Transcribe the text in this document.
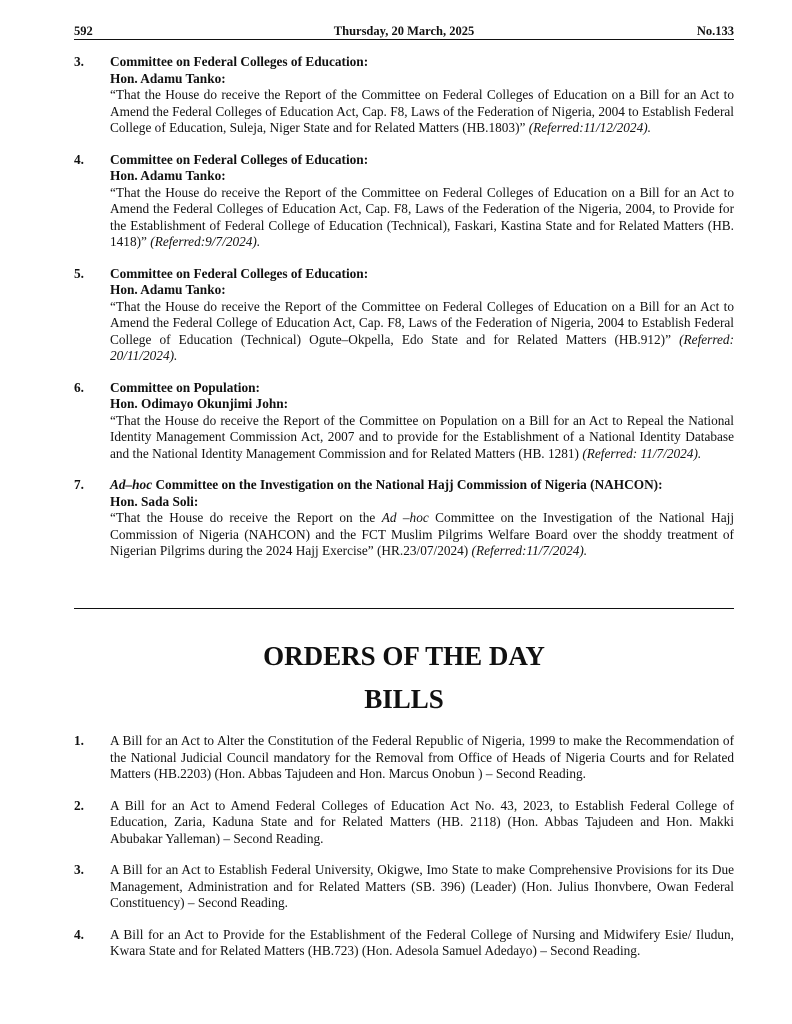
592	Thursday, 20 March, 2025	No.133
3. Committee on Federal Colleges of Education:
Hon. Adamu Tanko:
“That the House do receive the Report of the Committee on Federal Colleges of Education on a Bill for an Act to Amend the Federal Colleges of Education Act, Cap. F8, Laws of the Federation of Nigeria, 2004 to Establish Federal College of Education, Suleja, Niger State and for Related Matters (HB.1803)” (Referred:11/12/2024).
4. Committee on Federal Colleges of Education:
Hon. Adamu Tanko:
“That the House do receive the Report of the Committee on Federal Colleges of Education on a Bill for an Act to Amend the Federal Colleges of Education Act, Cap. F8, Laws of the Federation of the Nigeria, 2004, to Provide for the Establishment of Federal College of Education (Technical), Faskari, Kastina State and for Related Matters (HB. 1418)” (Referred:9/7/2024).
5. Committee on Federal Colleges of Education:
Hon. Adamu Tanko:
“That the House do receive the Report of the Committee on Federal Colleges of Education on a Bill for an Act to Amend the Federal College of Education Act, Cap. F8, Laws of the Federation of Nigeria, 2004 to Establish Federal College of Education (Technical) Ogute–Okpella, Edo State and for Related Matters (HB.912)” (Referred: 20/11/2024).
6. Committee on Population:
Hon. Odimayo Okunjimi John:
“That the House do receive the Report of the Committee on Population on a Bill for an Act to Repeal the National Identity Management Commission Act, 2007 and to provide for the Establishment of a National Identity Database and the National Identity Management Commission and for Related Matters (HB. 1281) (Referred: 11/7/2024).
7. Ad–hoc Committee on the Investigation on the National Hajj Commission of Nigeria (NAHCON):
Hon. Sada Soli:
“That the House do receive the Report on the Ad –hoc Committee on the Investigation of the National Hajj Commission of Nigeria (NAHCON) and the FCT Muslim Pilgrims Welfare Board over the shoddy treatment of Nigerian Pilgrims during the 2024 Hajj Exercise” (HR.23/07/2024) (Referred:11/7/2024).
ORDERS OF THE DAY
BILLS
1. A Bill for an Act to Alter the Constitution of the Federal Republic of Nigeria, 1999 to make the Recommendation of the National Judicial Council mandatory for the Removal from Office of Heads of Nigeria Courts and for Related Matters (HB.2203) (Hon. Abbas Tajudeen and Hon. Marcus Onobun ) – Second Reading.
2. A Bill for an Act to Amend Federal Colleges of Education Act No. 43, 2023, to Establish Federal College of Education, Zaria, Kaduna State and for Related Matters (HB. 2118) (Hon. Abbas Tajudeen and Hon. Makki Abubakar Yalleman) – Second Reading.
3. A Bill for an Act to Establish Federal University, Okigwe, Imo State to make Comprehensive Provisions for its Due Management, Administration and for Related Matters (SB. 396) (Leader) (Hon. Julius Ihonvbere, Owan Federal Constituency) – Second Reading.
4. A Bill for an Act to Provide for the Establishment of the Federal College of Nursing and Midwifery Esie/ Iludun, Kwara State and for Related Matters (HB.723) (Hon. Adesola Samuel Adedayo) – Second Reading.
